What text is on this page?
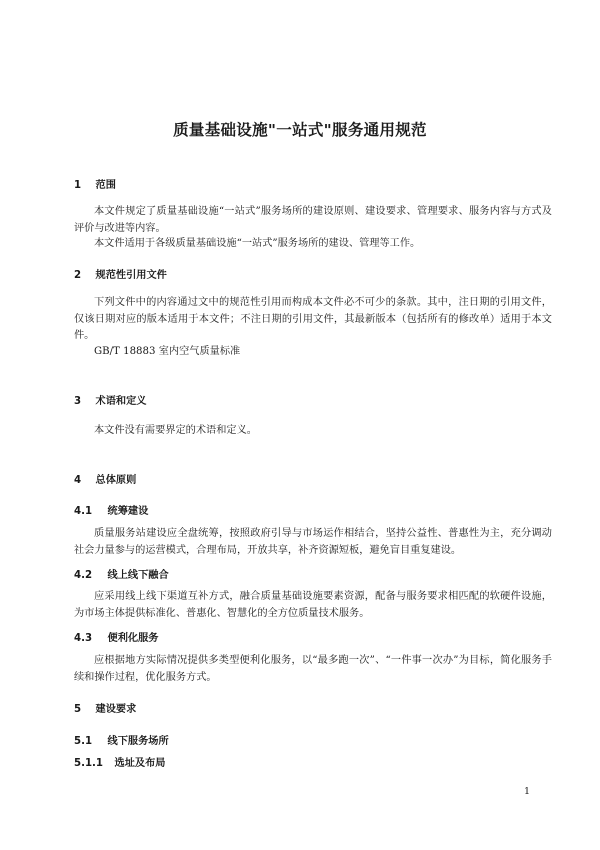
质量基础设施"一站式"服务通用规范
1 范围
本文件规定了质量基础设施“一站式”服务场所的建设原则、建设要求、管理要求、服务内容与方式及评价与改进等内容。
本文件适用于各级质量基础设施“一站式”服务场所的建设、管理等工作。
2 规范性引用文件
下列文件中的内容通过文中的规范性引用而构成本文件必不可少的条款。其中，注日期的引用文件，仅该日期对应的版本适用于本文件；不注日期的引用文件，其最新版本（包括所有的修改单）适用于本文件。
GB/T 18883 室内空气质量标准
3 术语和定义
本文件没有需要界定的术语和定义。
4 总体原则
4.1 统筹建设
质量服务站建设应全盘统筹，按照政府引导与市场运作相结合，坚持公益性、普惠性为主，充分调动社会力量参与的运营模式，合理布局，开放共享，补齐资源短板，避免盲目重复建设。
4.2 线上线下融合
应采用线上线下渠道互补方式，融合质量基础设施要素资源，配备与服务要求相匹配的软硬件设施，为市场主体提供标准化、普惠化、智慧化的全方位质量技术服务。
4.3 便利化服务
应根据地方实际情况提供多类型便利化服务，以“最多跑一次”、“一件事一次办”为目标，简化服务手续和操作过程，优化服务方式。
5 建设要求
5.1 线下服务场所
5.1.1 选址及布局
1
